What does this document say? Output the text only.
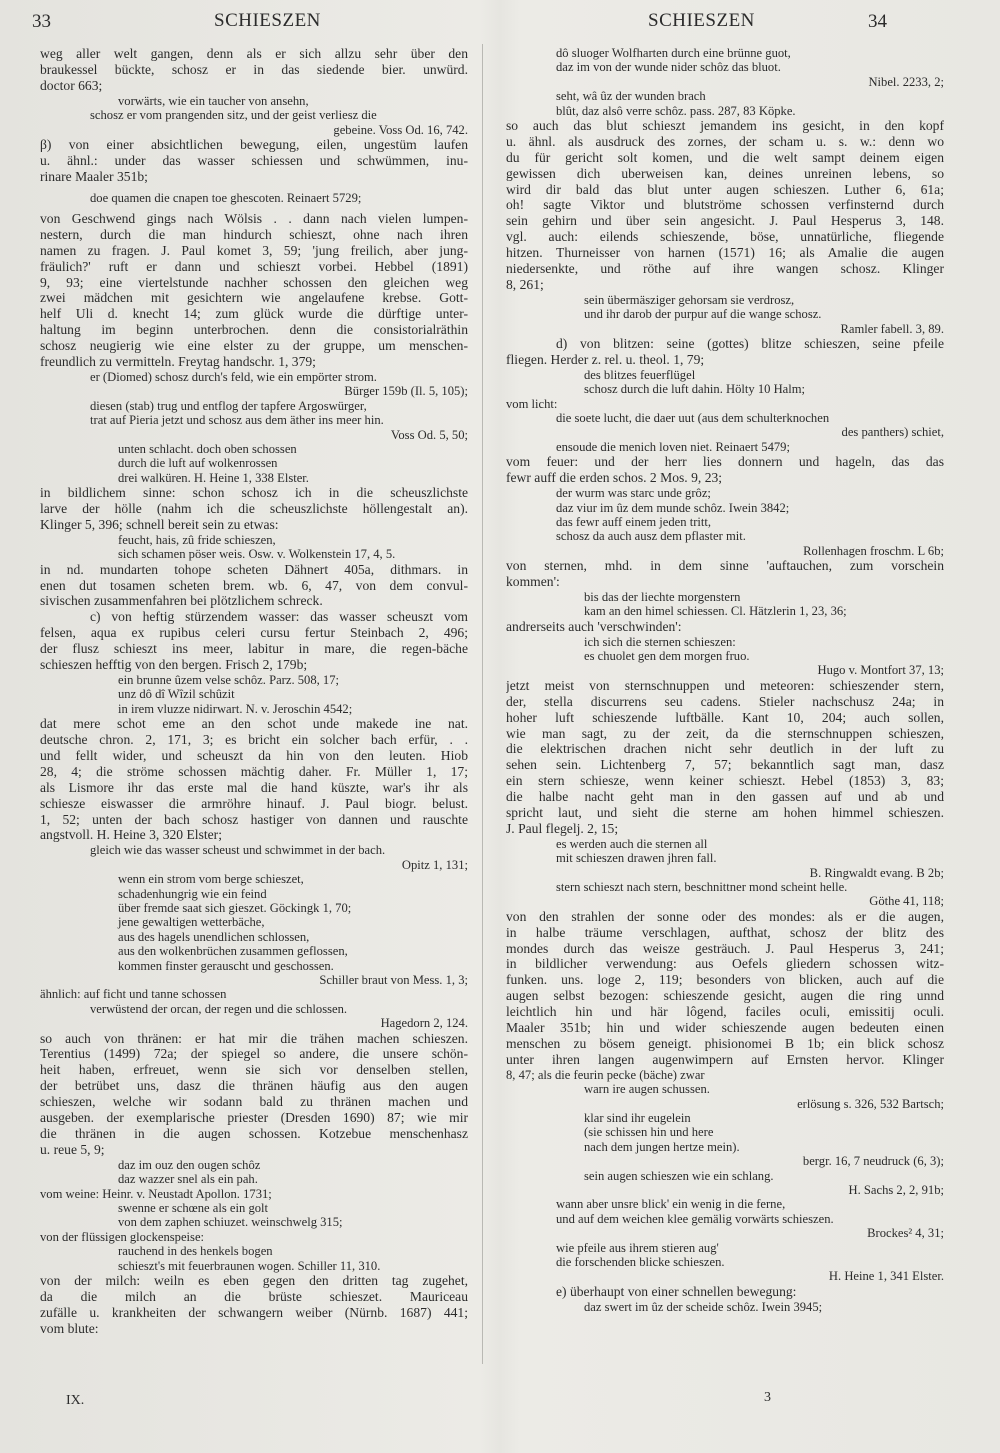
33	SCHIESZEN	SCHIESZEN	34
weg aller welt gangen, denn als er sich allzu sehr über den
braukessel bückte, schosz er in das siedende bier. unwürd.
doctor 663;
vorwärts, wie ein taucher von ansehn,
schosz er vom prangenden sitz, und der geist verliesz die
gebeine. Voss Od. 16, 742.
β) von einer absichtlichen bewegung, eilen, ungestüm laufen
u. ähnl.: under das wasser schiessen und schwümmen, inu-
rinare Maaler 351b;
doe quamen die cnapen toe ghescoten. Reinaert 5729;
von Geschwend gings nach Wölsis . . dann nach vielen lumpen-
nestern, durch die man hindurch schieszt, ohne nach ihren
namen zu fragen. J. Paul komet 3, 59; 'jung freilich, aber jung-
fräulich?' ruft er dann und schieszt vorbei. Hebbel (1891)
9, 93; eine viertelstunde nachher schossen den gleichen weg
zwei mädchen mit gesichtern wie angelaufene krebse. Gott-
helf Uli d. knecht 14; zum glück wurde die dürftige unter-
haltung im beginn unterbrochen. denn die consistorialräthin
schosz neugierig wie eine elster zu der gruppe, um menschen-
freundlich zu vermitteln. Freytag handschr. 1, 379;
er (Diomed) schosz durch's feld, wie ein empörter strom.
Bürger 159b (Il. 5, 105);
diesen (stab) trug und entflog der tapfere Argoswürger,
trat auf Pieria jetzt und schosz aus dem äther ins meer hin.
Voss Od. 5, 50;
unten schlacht. doch oben schossen
durch die luft auf wolkenrossen
drei walküren. H. Heine 1, 338 Elster.
in bildlichem sinne: schon schosz ich in die scheuszlichste
larve der hölle (nahm ich die scheuszlichste höllengestalt an).
Klinger 5, 396; schnell bereit sein zu etwas:
feucht, hais, zû fride schieszen,
sich schamen pöser weis. Osw. v. Wolkenstein 17, 4, 5.
in nd. mundarten tohope scheten Dähnert 405a, dithmars. in
enen dut tosamen scheten brem. wb. 6, 47, von dem convul-
sivischen zusammenfahren bei plötzlichem schreck.
c) von heftig stürzendem wasser: das wasser scheuszt vom
felsen, aqua ex rupibus celeri cursu fertur Steinbach 2, 496;
der flusz schieszt ins meer, labitur in mare, die regen-bäche
schieszen hefftig von den bergen. Frisch 2, 179b;
ein brunne ûzem velse schôz. Parz. 508, 17;
unz dô dî Wîzil schûzit
in irem vluzze nidirwart. N. v. Jeroschin 4542;
dat mere schot eme an den schot unde makede ine nat.
deutsche chron. 2, 171, 3; es bricht ein solcher bach erfür, . .
und fellt wider, und scheuszt da hin von den leuten. Hiob
28, 4; die ströme schossen mächtig daher. Fr. Müller 1, 17;
als Lismore ihr das erste mal die hand küszte, war's ihr als
schiesze eiswasser die armröhre hinauf. J. Paul biogr. belust.
1, 52; unten der bach schosz hastiger von dannen und rauschte
angstvoll. H. Heine 3, 320 Elster;
gleich wie das wasser scheust und schwimmet in der bach.
Opitz 1, 131;
wenn ein strom vom berge schieszet,
schadenhungrig wie ein feind
über fremde saat sich gieszet. Göckingk 1, 70;
jene gewaltigen wetterbäche,
aus des hagels unendlichen schlossen,
aus den wolkenbrüchen zusammen geflossen,
kommen finster gerauscht und geschossen.
Schiller braut von Mess. 1, 3;
ähnlich: auf ficht und tanne schossen
verwüstend der orcan, der regen und die schlossen.
Hagedorn 2, 124.
so auch von thränen: er hat mir die trähen machen schieszen.
Terentius (1499) 72a; der spiegel so andere, die unsere schön-
heit haben, erfreuet, wenn sie sich vor denselben stellen,
der betrübet uns, dasz die thränen häufig aus den augen
schieszen, welche wir sodann bald zu thränen machen und
ausgeben. der exemplarische priester (Dresden 1690) 87; wie mir
die thränen in die augen schossen. Kotzebue menschenhasz
u. reue 5, 9;
daz im ouz den ougen schôz
daz wazzer snel als ein pah.
vom weine: Heinr. v. Neustadt Apollon. 1731;
swenne er schœne als ein golt
von dem zaphen schiuzet. weinschwelg 315;
von der flüssigen glockenspeise:
rauchend in des henkels bogen
schieszt's mit feuerbraunen wogen. Schiller 11, 310.
von der milch: weiln es eben gegen den dritten tag zugehet,
da die milch an die brüste schieszet. Mauriceau
zufälle u. krankheiten der schwangern weiber (Nürnb. 1687) 441;
vom blute:
dô sluoger Wolfharten durch eine brünne guot,
daz im von der wunde nider schôz das bluot.
Nibel. 2233, 2;
seht, wâ ûz der wunden brach
blût, daz alsô verre schôz. pass. 287, 83 Köpke.
so auch das blut schieszt jemandem ins gesicht, in den kopf
u. ähnl. als ausdruck des zornes, der scham u. s. w.: denn wo
du für gericht solt komen, und die welt sampt deinem eigen
gewissen dich uberweisen kan, deines unreinen lebens, so
wird dir bald das blut unter augen schieszen. Luther 6, 61a;
oh! sagte Viktor und blutströme schossen verfinsternd durch
sein gehirn und über sein angesicht. J. Paul Hesperus 3, 148.
vgl. auch: eilends schieszende, böse, unnatürliche, fliegende
hitzen. Thurneisser von harnen (1571) 16; als Amalie die augen
niedersenkte, und röthe auf ihre wangen schosz. Klinger
8, 261;
sein übermäsziger gehorsam sie verdrosz,
und ihr darob der purpur auf die wange schosz.
Ramler fabell. 3, 89.
d) von blitzen: seine (gottes) blitze schieszen, seine pfeile
fliegen. Herder z. rel. u. theol. 1, 79;
des blitzes feuerflügel
schosz durch die luft dahin. Hölty 10 Halm;
vom licht:
die soete lucht, die daer uut (aus dem schulterknochen
des panthers) schiet,
ensoude die menich loven niet. Reinaert 5479;
vom feuer: und der herr lies donnern und hageln, das das
fewr auff die erden schos. 2 Mos. 9, 23;
der wurm was starc unde grôz;
daz viur im ûz dem munde schôz. Iwein 3842;
das fewr auff einem jeden tritt,
schosz da auch ausz dem pflaster mit.
Rollenhagen froschm. L 6b;
von sternen, mhd. in dem sinne 'auftauchen, zum vorschein
kommen':
bis das der liechte morgenstern
kam an den himel schiessen. Cl. Hätzlerin 1, 23, 36;
andrerseits auch 'verschwinden':
ich sich die sternen schieszen:
es chuolet gen dem morgen fruo.
Hugo v. Montfort 37, 13;
jetzt meist von sternschnuppen und meteoren: schieszender stern,
der, stella discurrens seu cadens. Stieler nachschusz 24a; in
hoher luft schieszende luftbälle. Kant 10, 204; auch sollen,
wie man sagt, zu der zeit, da die sternschnuppen schieszen,
die elektrischen drachen nicht sehr deutlich in der luft zu
sehen sein. Lichtenberg 7, 57; bekanntlich sagt man, dasz
ein stern schiesze, wenn keiner schieszt. Hebel (1853) 3, 83;
die halbe nacht geht man in den gassen auf und ab und
spricht laut, und sieht die sterne am hohen himmel schieszen.
J. Paul flegelj. 2, 15;
es werden auch die sternen all
mit schieszen drawen jhren fall.
B. Ringwaldt evang. B 2b;
stern schieszt nach stern, beschnittner mond scheint helle.
Göthe 41, 118;
von den strahlen der sonne oder des mondes: als er die augen,
in halbe träume verschlagen, aufthat, schosz der blitz des
mondes durch das weisze gesträuch. J. Paul Hesperus 3, 241;
in bildlicher verwendung: aus Oefels gliedern schossen witz-
funken. uns. loge 2, 119; besonders von blicken, auch auf die
augen selbst bezogen: schieszende gesicht, augen die ring unnd
leichtlich hin und här lôgend, faciles oculi, emissitij oculi.
Maaler 351b; hin und wider schieszende augen bedeuten einen
menschen zu bösem geneigt. phisionomei B 1b; ein blick schosz
unter ihren langen augenwimpern auf Ernsten hervor. Klinger
8, 47; als die feurin pecke (bäche) zwar
warn ire augen schussen.
erlösung s. 326, 532 Bartsch;
klar sind ihr eugelein
(sie schissen hin und here
nach dem jungen hertze mein).
bergr. 16, 7 neudruck (6, 3);
sein augen schieszen wie ein schlang.
H. Sachs 2, 2, 91b;
wann aber unsre blick' ein wenig in die ferne,
und auf dem weichen klee gemälig vorwärts schieszen.
Brockes² 4, 31;
wie pfeile aus ihrem stieren aug'
die forschenden blicke schieszen.
H. Heine 1, 341 Elster.
e) überhaupt von einer schnellen bewegung:
daz swert im ûz der scheide schôz. Iwein 3945;
IX.	3
